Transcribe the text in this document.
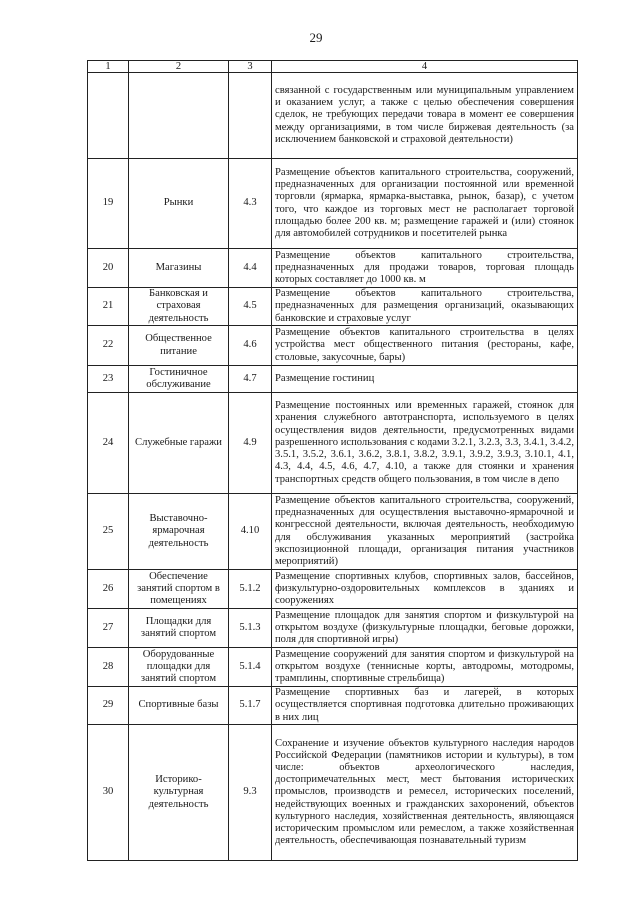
29
1	2	3	4
			связанной с государственным или муниципальным управлением и оказанием услуг, а также с целью обеспечения совершения сделок, не требующих передачи товара в момент ее совершения между организациями, в том числе биржевая деятельность (за исключением банковской и страховой деятельности)
19	Рынки	4.3	Размещение объектов капитального строительства, сооружений, предназначенных для организации постоянной или временной торговли (ярмарка, ярмарка-выставка, рынок, базар), с учетом того, что каждое из торговых мест не располагает торговой площадью более 200 кв. м; размещение гаражей и (или) стоянок для автомобилей сотрудников и посетителей рынка
20	Магазины	4.4	Размещение объектов капитального строительства, предназначенных для продажи товаров, торговая площадь которых составляет до 1000 кв. м
21	Банковская и страховая деятельность	4.5	Размещение объектов капитального строительства, предназначенных для размещения организаций, оказывающих банковские и страховые услуг
22	Общественное питание	4.6	Размещение объектов капитального строительства в целях устройства мест общественного питания (рестораны, кафе, столовые, закусочные, бары)
23	Гостиничное обслуживание	4.7	Размещение гостиниц
24	Служебные гаражи	4.9	Размещение постоянных или временных гаражей, стоянок для хранения служебного автотранспорта, используемого в целях осуществления видов деятельности, предусмотренных видами разрешенного использования с кодами 3.2.1, 3.2.3, 3.3, 3.4.1, 3.4.2, 3.5.1, 3.5.2, 3.6.1, 3.6.2, 3.8.1, 3.8.2, 3.9.1, 3.9.2, 3.9.3, 3.10.1, 4.1, 4.3, 4.4, 4.5, 4.6, 4.7, 4.10, а также для стоянки и хранения транспортных средств общего пользования, в том числе в депо
25	Выставочно-ярмарочная деятельность	4.10	Размещение объектов капитального строительства, сооружений, предназначенных для осуществления выставочно-ярмарочной и конгрессной деятельности, включая деятельность, необходимую для обслуживания указанных мероприятий (застройка экспозиционной площади, организация питания участников мероприятий)
26	Обеспечение занятий спортом в помещениях	5.1.2	Размещение спортивных клубов, спортивных залов, бассейнов, физкультурно-оздоровительных комплексов в зданиях и сооружениях
27	Площадки для занятий спортом	5.1.3	Размещение площадок для занятия спортом и физкультурой на открытом воздухе (физкультурные площадки, беговые дорожки, поля для спортивной игры)
28	Оборудованные площадки для занятий спортом	5.1.4	Размещение сооружений для занятия спортом и физкультурой на открытом воздухе (теннисные корты, автодромы, мотодромы, трамплины, спортивные стрельбища)
29	Спортивные базы	5.1.7	Размещение спортивных баз и лагерей, в которых осуществляется спортивная подготовка длительно проживающих в них лиц
30	Историко-культурная деятельность	9.3	Сохранение и изучение объектов культурного наследия народов Российской Федерации (памятников истории и культуры), в том числе: объектов археологического наследия, достопримечательных мест, мест бытования исторических промыслов, производств и ремесел, исторических поселений, недействующих военных и гражданских захоронений, объектов культурного наследия, хозяйственная деятельность, являющаяся историческим промыслом или ремеслом, а также хозяйственная деятельность, обеспечивающая познавательный туризм
